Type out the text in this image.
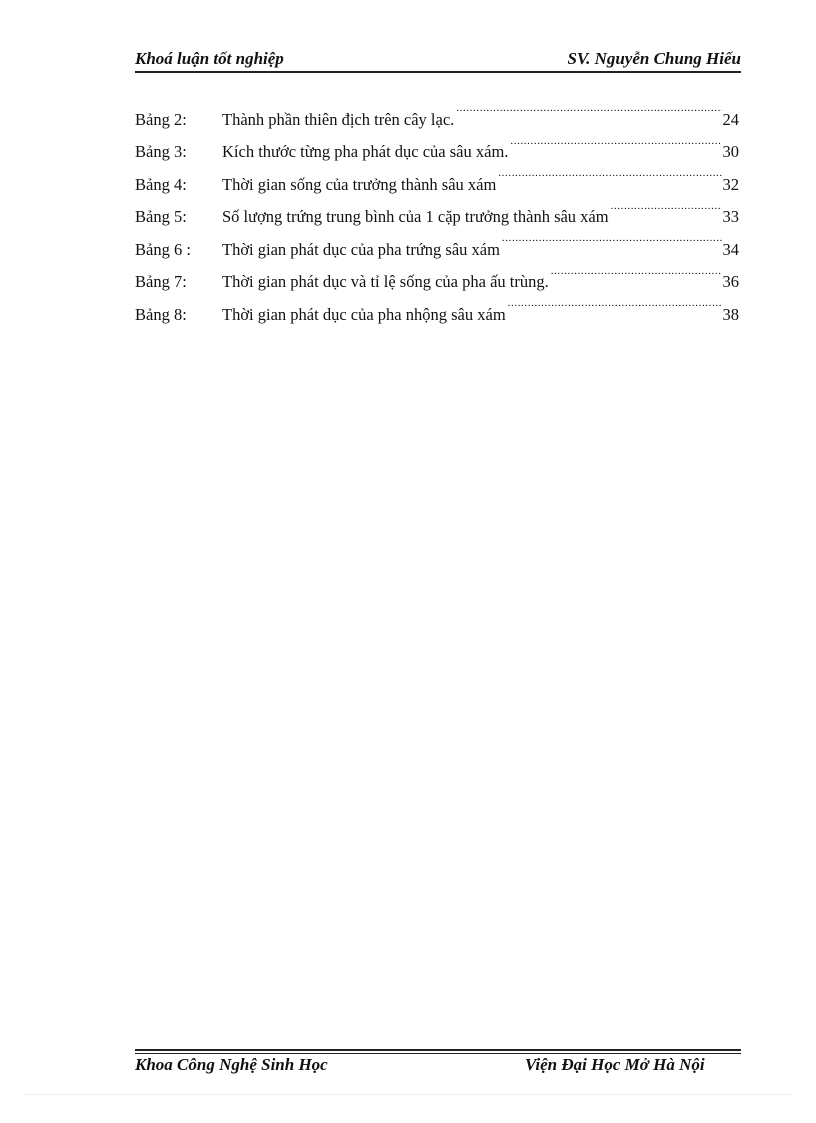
Khoá luận tốt nghiệp	SV. Nguyễn Chung Hiếu
Bảng 2:	Thành phần thiên địch trên cây lạc. .....	24
Bảng 3:	Kích thước từng pha phát dục của sâu xám. .....	30
Bảng 4:	Thời gian sống của trưởng thành sâu xám .....	32
Bảng 5:	Số lượng trứng trung bình của 1 cặp trưởng thành sâu xám .....	33
Bảng 6 :	Thời gian phát dục của pha trứng sâu xám .....	34
Bảng 7:	Thời gian phát dục và tỉ lệ sống của pha ấu trùng. .....	36
Bảng 8:	Thời gian phát dục của pha nhộng sâu xám .....	38
Khoa Công Nghệ Sinh Học	Viện Đại Học Mở Hà Nội
